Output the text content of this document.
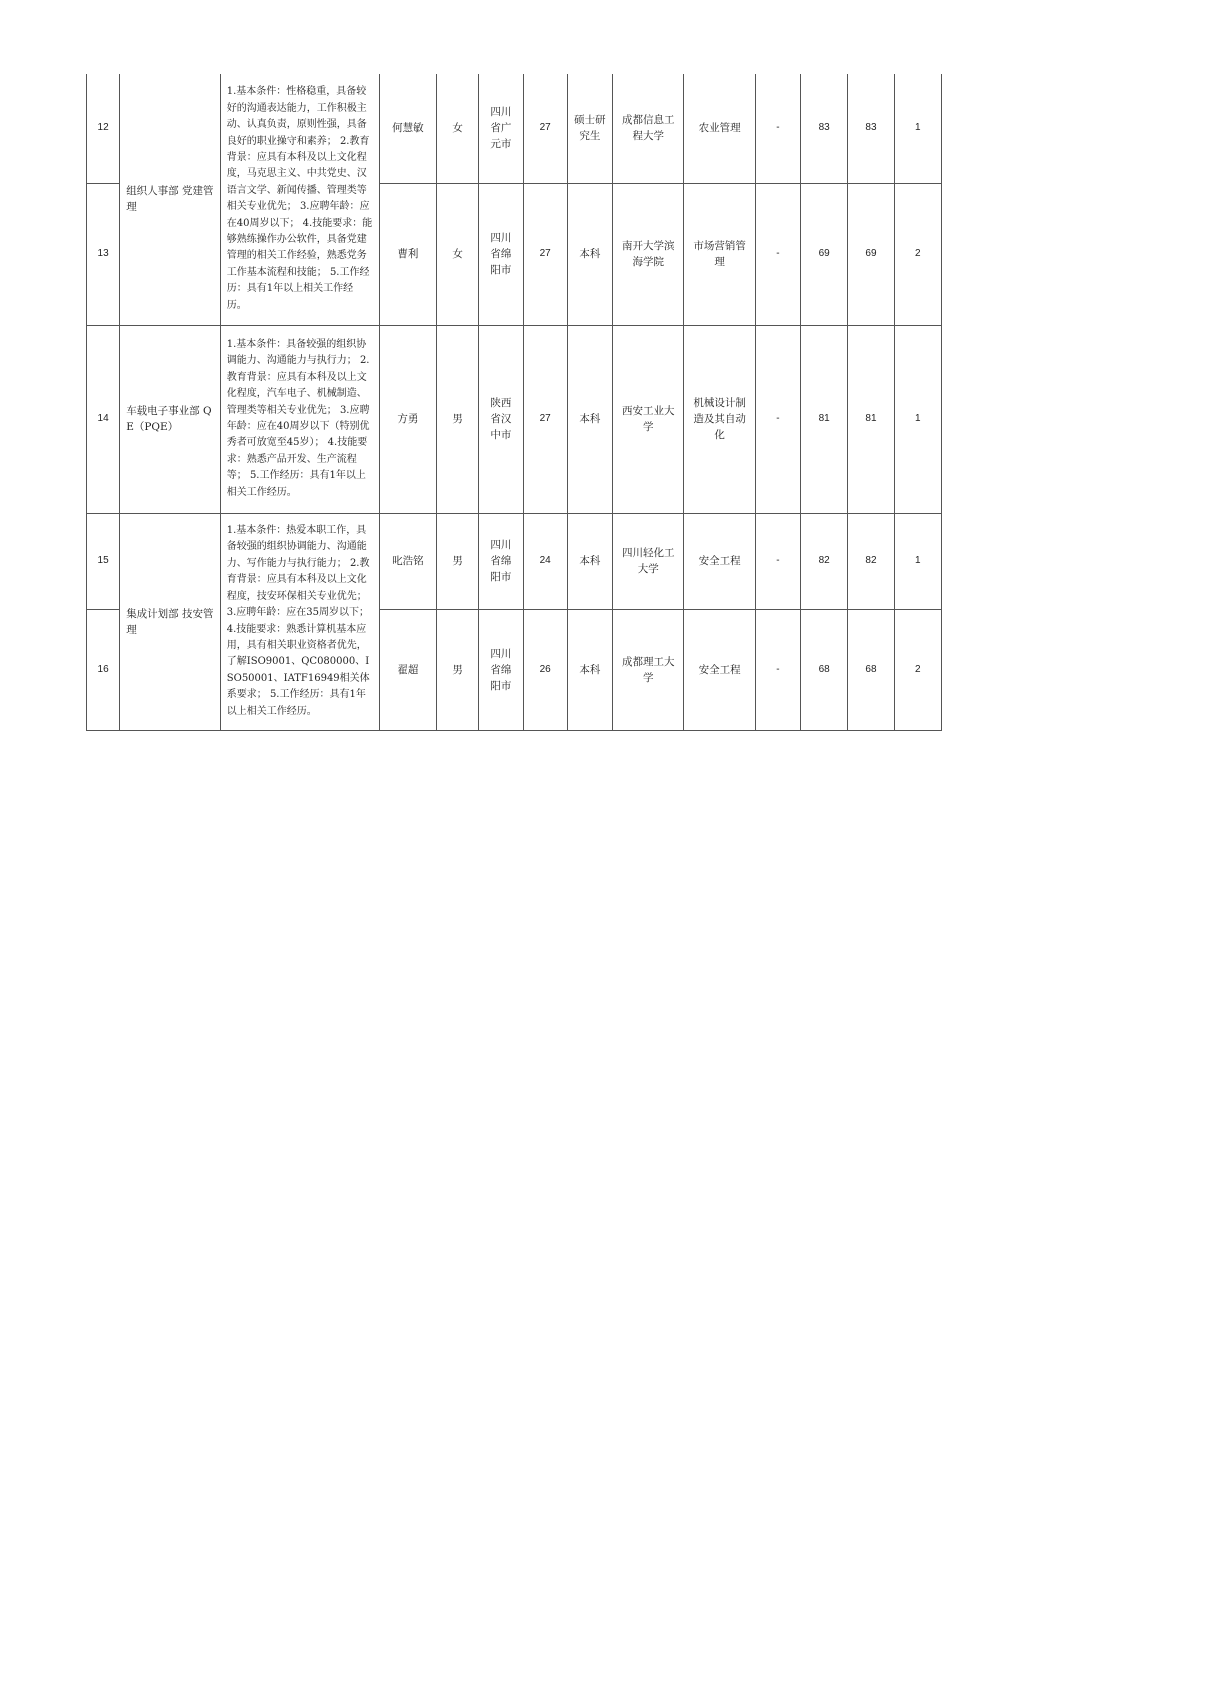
12	组织人事部 党建管理	1.基本条件：性格稳重，具备较好的沟通表达能力，工作积极主动、认真负责，原则性强，具备良好的职业操守和素养； 2.教育背景：应具有本科及以上文化程度，马克思主义、中共党史、汉语言文学、新闻传播、管理类等相关专业优先； 3.应聘年龄：应在40周岁以下； 4.技能要求：能够熟练操作办公软件，具备党建管理的相关工作经验，熟悉党务工作基本流程和技能； 5.工作经历：具有1年以上相关工作经历。	何慧敏	女	四川省广元市	27	硕士研究生	成都信息工程大学	农业管理	-	83	83	1
13			曹利	女	四川省绵阳市	27	本科	南开大学滨海学院	市场营销管理	-	69	69	2
14	车载电子事业部 QE（PQE）	1.基本条件：具备较强的组织协调能力、沟通能力与执行力； 2.教育背景：应具有本科及以上文化程度，汽车电子、机械制造、管理类等相关专业优先； 3.应聘年龄：应在40周岁以下（特别优秀者可放宽至45岁）； 4.技能要求：熟悉产品开发、生产流程等； 5.工作经历：具有1年以上相关工作经历。	方勇	男	陕西省汉中市	27	本科	西安工业大学	机械设计制造及其自动化	-	81	81	1
15	集成计划部 技安管理	1.基本条件：热爱本职工作，具备较强的组织协调能力、沟通能力、写作能力与执行能力； 2.教育背景：应具有本科及以上文化程度，技安环保相关专业优先； 3.应聘年龄：应在35周岁以下； 4.技能要求：熟悉计算机基本应用，具有相关职业资格者优先，了解ISO9001、QC080000、ISO50001、IATF16949相关体系要求； 5.工作经历：具有1年以上相关工作经历。	叱浩铭	男	四川省绵阳市	24	本科	四川轻化工大学	安全工程	-	82	82	1
16			翟超	男	四川省绵阳市	26	本科	成都理工大学	安全工程	-	68	68	2
